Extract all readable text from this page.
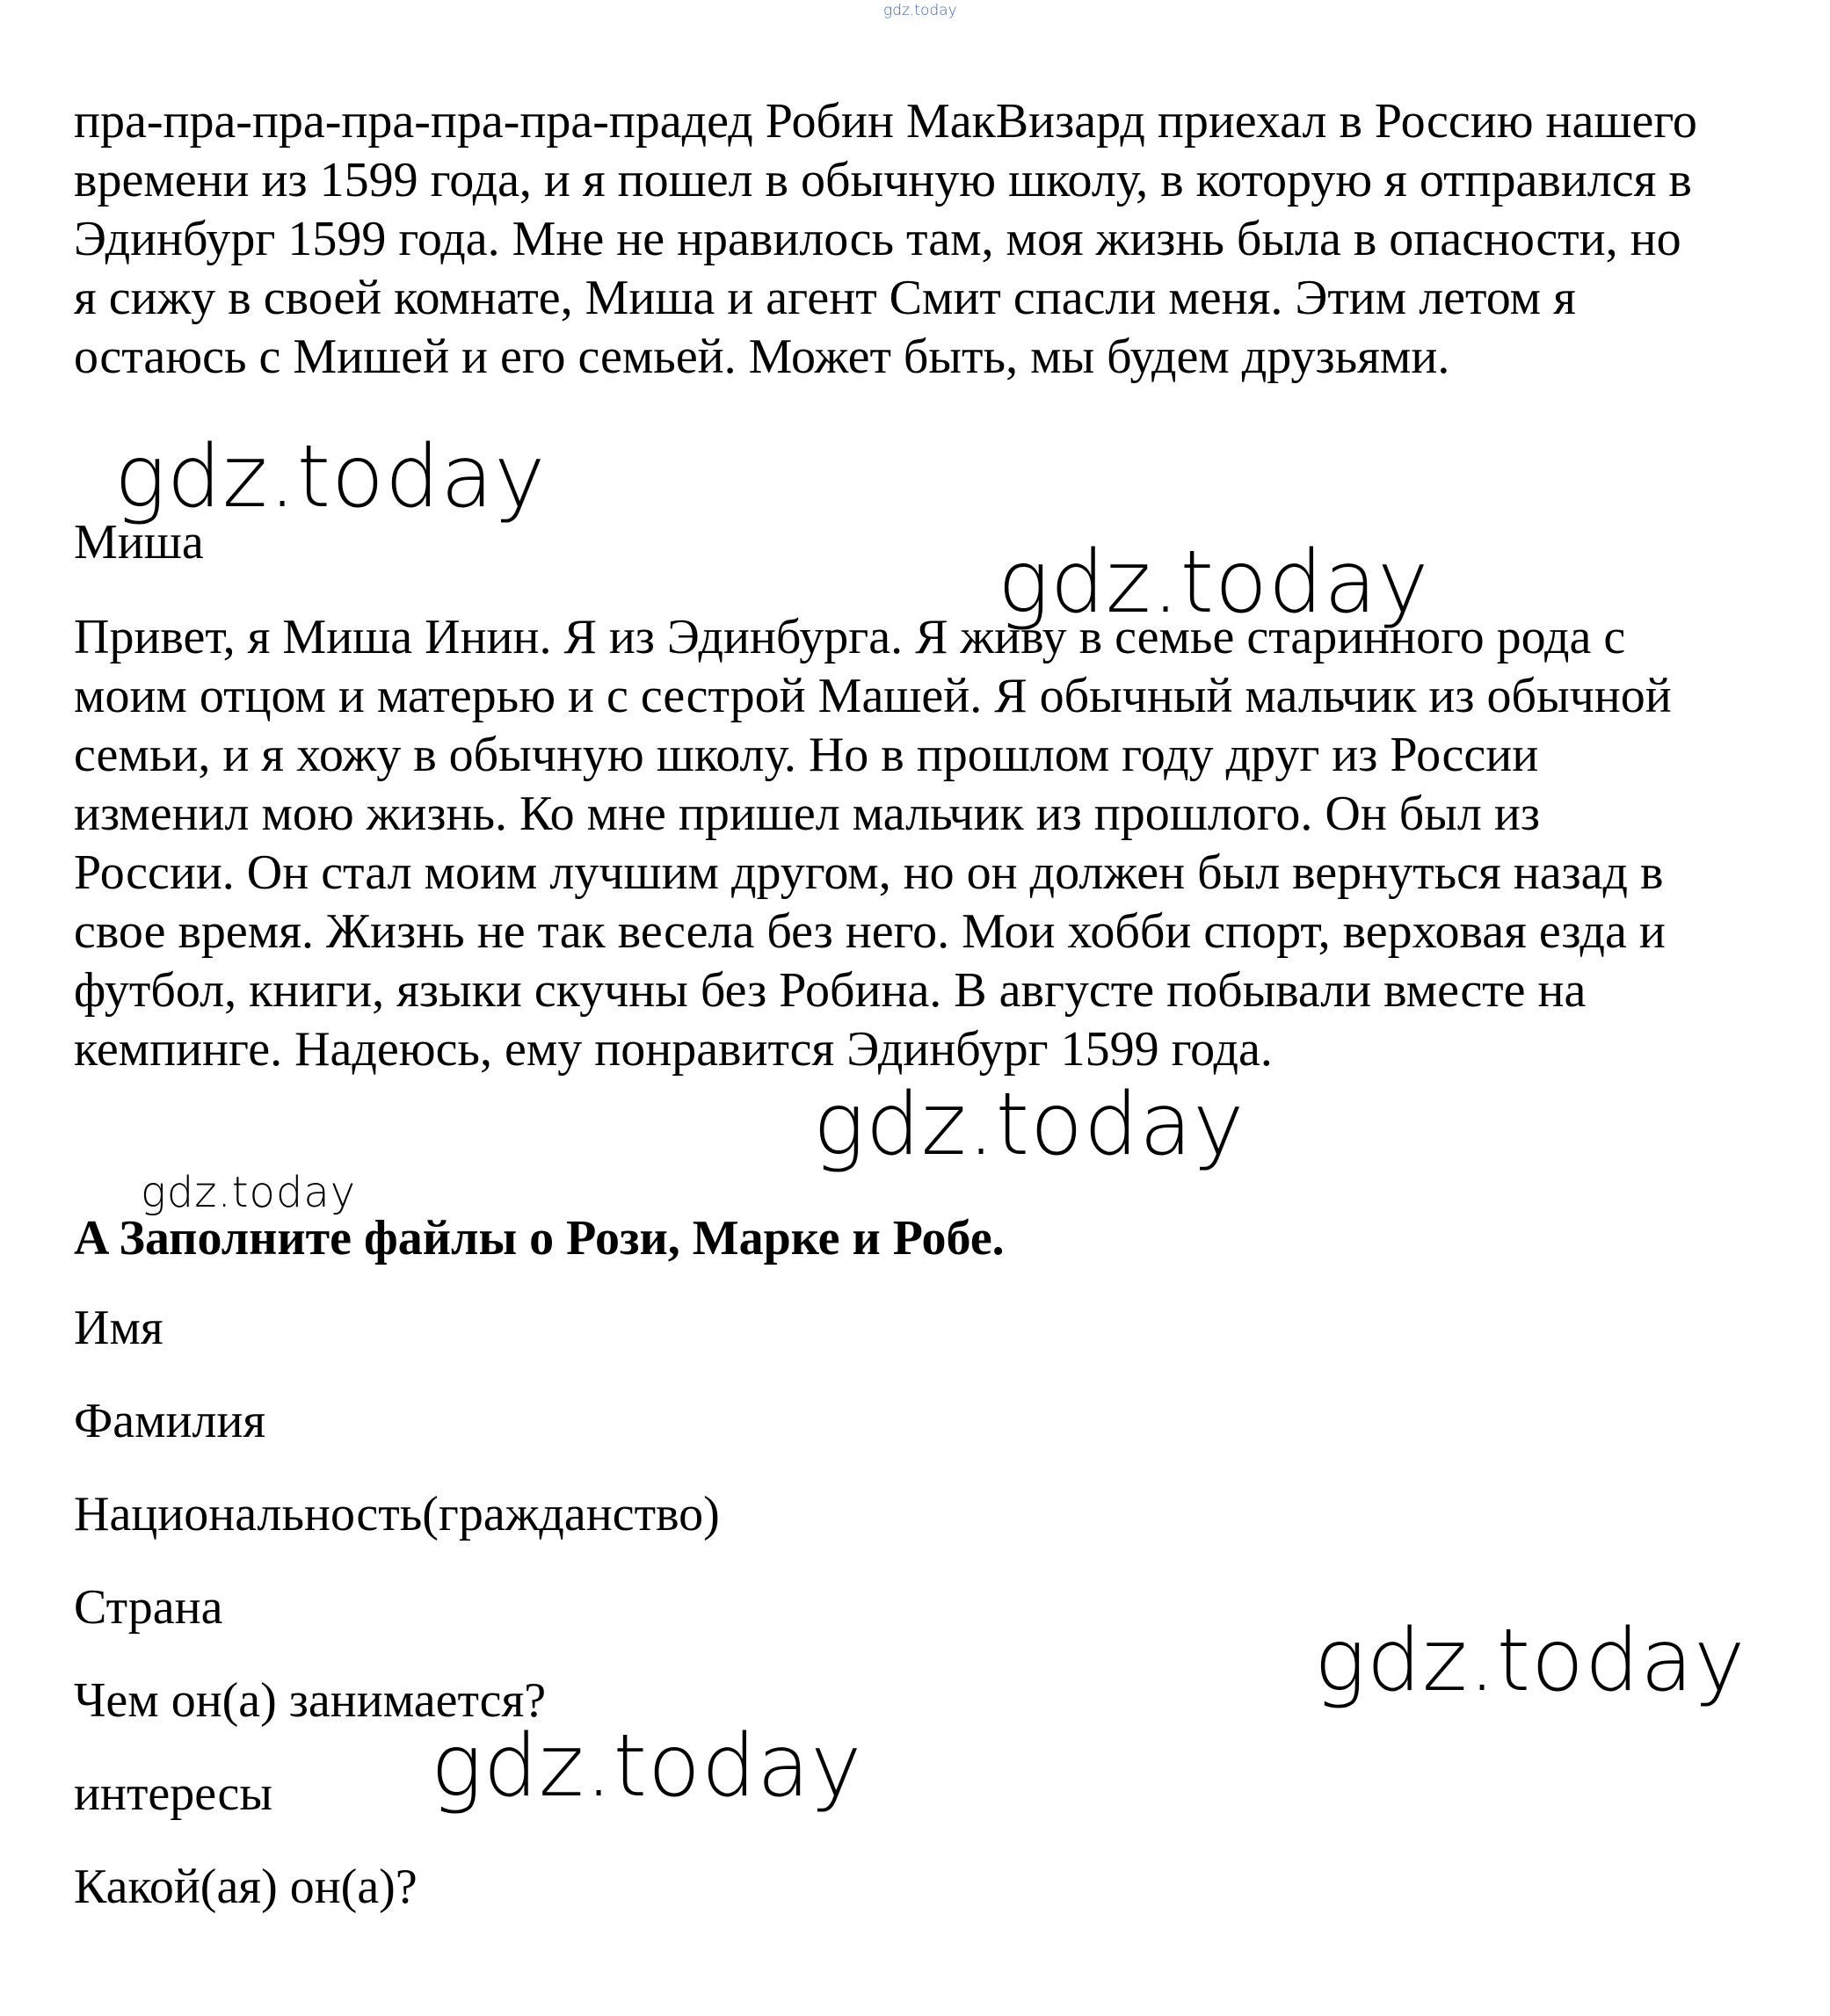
gdz.today

пра-пра-пра-пра-пра-пра-прадед Робин МакВизард приехал в Россию нашего

времени из 1599 года, и я пошел в обычную школу, в которую я отправился в

Эдинбург 1599 года. Мне не нравилось там, моя жизнь была в опасности, но

я сижу в своей комнате, Миша и агент Смит спасли меня. Этим летом я

остаюсь с Мишей и его семьей. Может быть, мы будем друзьями.

gdz.today

Миша	gdz.today

Привет, я Миша Инин. Я из Эдинбурга. Я живу в семье старинного рода с

моим отцом и матерью и с сестрой Машей. Я обычный мальчик из обычной

семьи, и я хожу в обычную школу. Но в прошлом году друг из России

изменил мою жизнь. Ко мне пришел мальчик из прошлого. Он был из

России. Он стал моим лучшим другом, но он должен был вернуться назад в

свое время. Жизнь не так весела без него. Мои хобби спорт, верховая езда и

футбол, книги, языки скучны без Робина. В августе побывали вместе на

кемпинге. Надеюсь, ему понравится Эдинбург 1599 года.

gdz.today
gdz.today

A Заполните файлы о Рози, Марке и Робе.

Имя

Фамилия

Национальность(гражданство)

Страна

Чем он(а) занимается?

интересы

Какой(ая) он(а)?

gdz.today
gdz.today
